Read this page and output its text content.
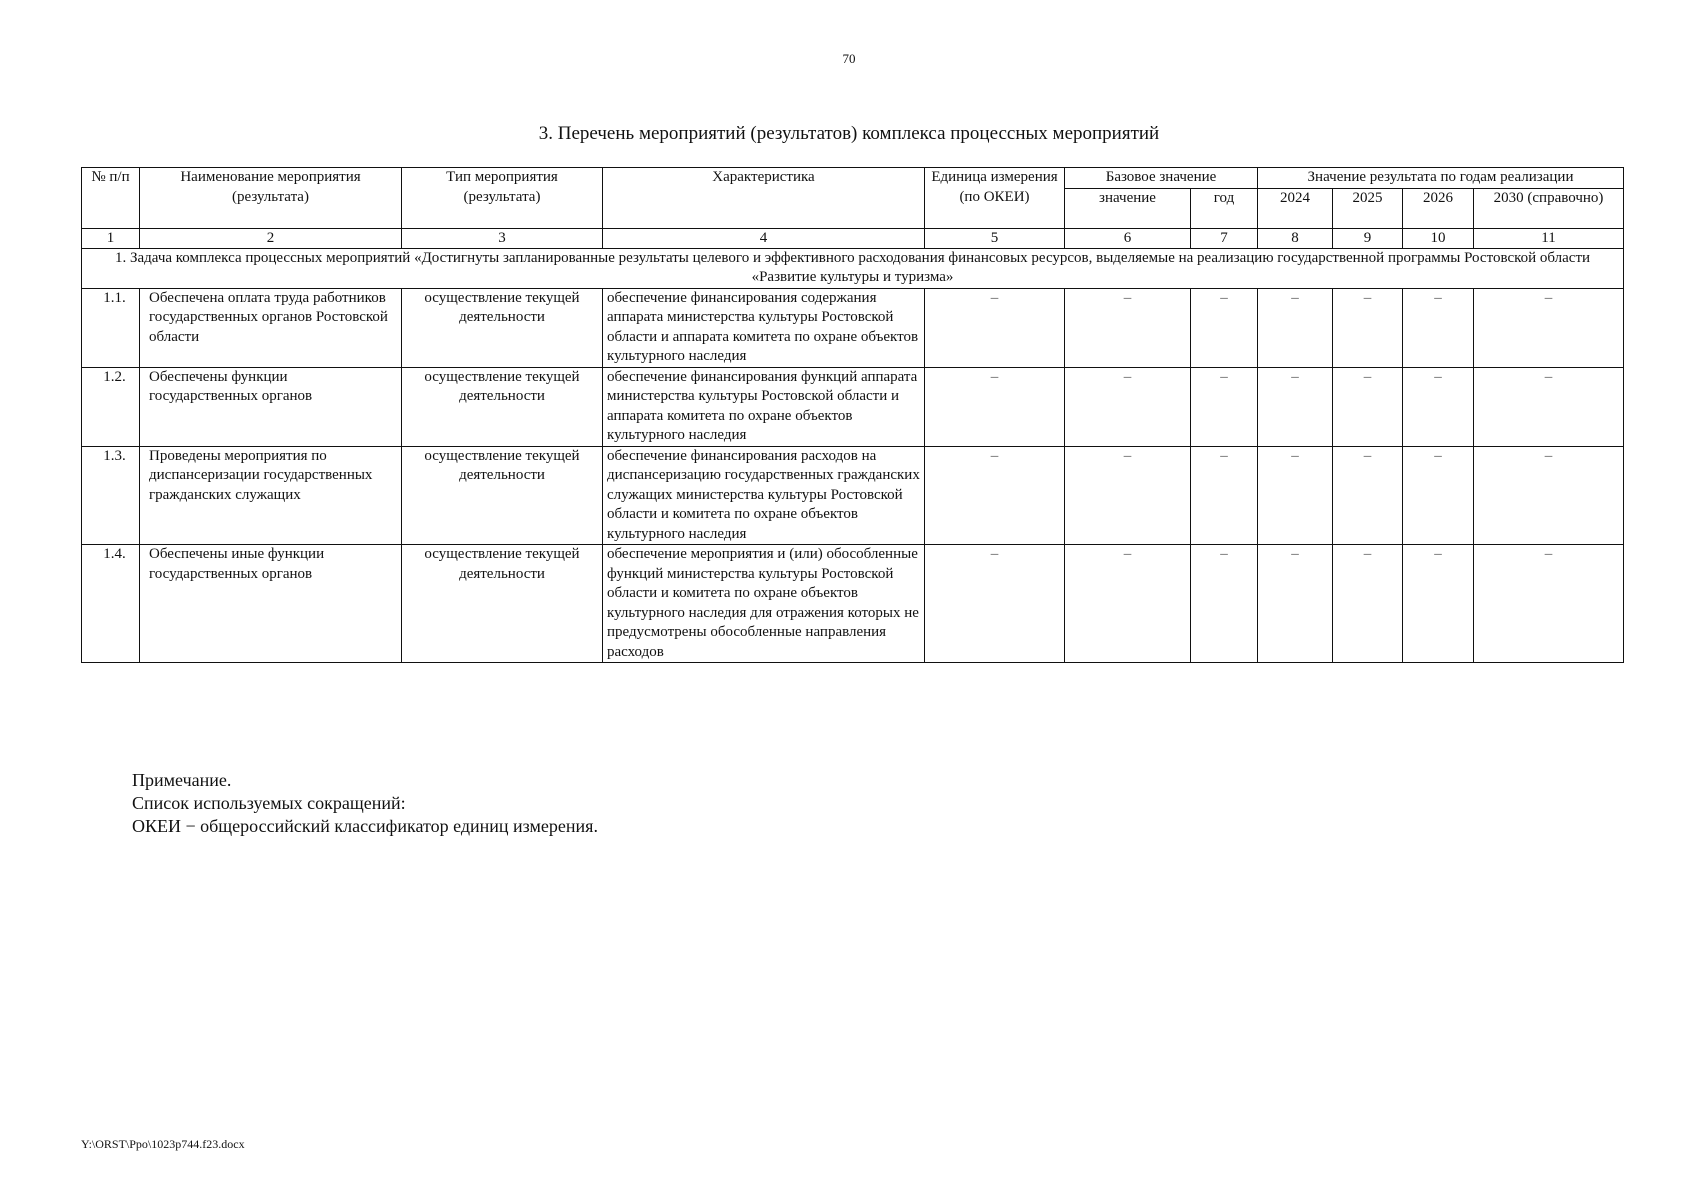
70
3. Перечень мероприятий (результатов) комплекса процессных мероприятий
№ п/п	Наименование мероприятия (результата)	Тип мероприятия (результата)	Характеристика	Единица измерения (по ОКЕИ)	Базовое значение		Значение результата по годам реализации			
					значение	год	2024	2025	2026	2030 (справочно)
1	2	3	4	5	6	7	8	9	10	11
1. Задача комплекса процессных мероприятий «Достигнуты запланированные результаты целевого и эффективного расходования финансовых ресурсов, выделяемые на реализацию государственной программы Ростовской области «Развитие культуры и туризма»										
1.1.	Обеспечена оплата труда работников государственных органов Ростовской области	осуществление текущей деятельности	обеспечение финансирования содержания аппарата министерства культуры Ростовской области и аппарата комитета по охране объектов культурного наследия	–	–	–	–	–	–	–
1.2.	Обеспечены функции государственных органов	осуществление текущей деятельности	обеспечение финансирования функций аппарата министерства культуры Ростовской области и аппарата комитета по охране объектов культурного наследия	–	–	–	–	–	–	–
1.3.	Проведены мероприятия по диспансеризации государственных гражданских служащих	осуществление текущей деятельности	обеспечение финансирования расходов на диспансеризацию государственных гражданских служащих министерства культуры Ростовской области и комитета по охране объектов культурного наследия	–	–	–	–	–	–	–
1.4.	Обеспечены иные функции государственных органов	осуществление текущей деятельности	обеспечение мероприятия и (или) обособленные функций министерства культуры Ростовской области и комитета по охране объектов культурного наследия для отражения которых не предусмотрены обособленные направления расходов	–	–	–	–	–	–	–
Примечание.
Список используемых сокращений:
ОКЕИ − общероссийский классификатор единиц измерения.
Y:\ORST\Ppo\1023p744.f23.docx
